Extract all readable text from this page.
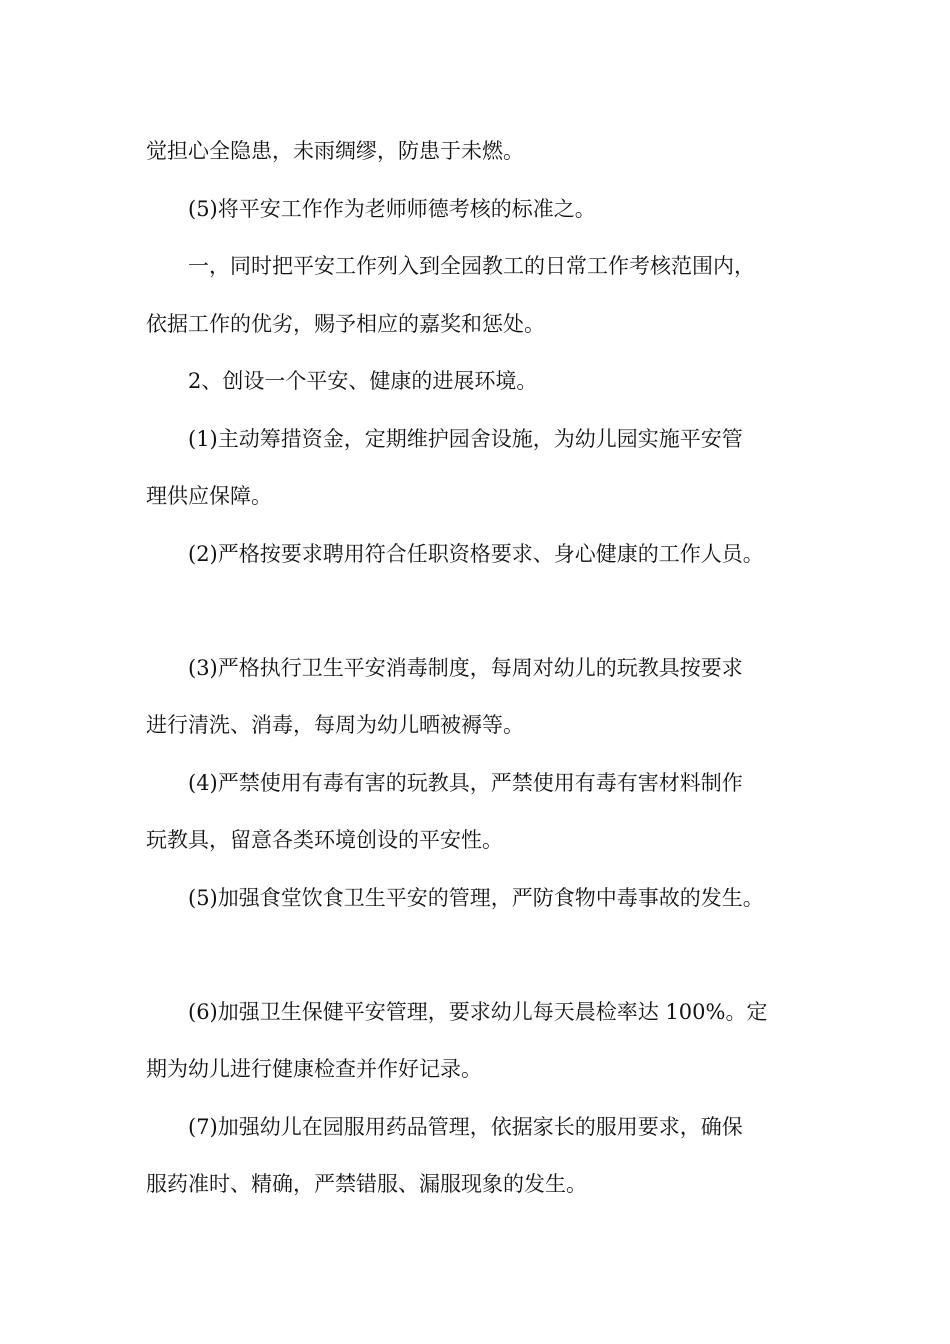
觉担心全隐患，未雨绸缪，防患于未燃。
(5)将平安工作作为老师师德考核的标准之。
一，同时把平安工作列入到全园教工的日常工作考核范围内，
依据工作的优劣，赐予相应的嘉奖和惩处。
2、创设一个平安、健康的进展环境。
(1)主动筹措资金，定期维护园舍设施，为幼儿园实施平安管
理供应保障。
(2)严格按要求聘用符合任职资格要求、身心健康的工作人员。
(3)严格执行卫生平安消毒制度，每周对幼儿的玩教具按要求
进行清洗、消毒，每周为幼儿晒被褥等。
(4)严禁使用有毒有害的玩教具，严禁使用有毒有害材料制作
玩教具，留意各类环境创设的平安性。
(5)加强食堂饮食卫生平安的管理，严防食物中毒事故的发生。
(6)加强卫生保健平安管理，要求幼儿每天晨检率达 100%。定
期为幼儿进行健康检查并作好记录。
(7)加强幼儿在园服用药品管理，依据家长的服用要求，确保
服药准时、精确，严禁错服、漏服现象的发生。
